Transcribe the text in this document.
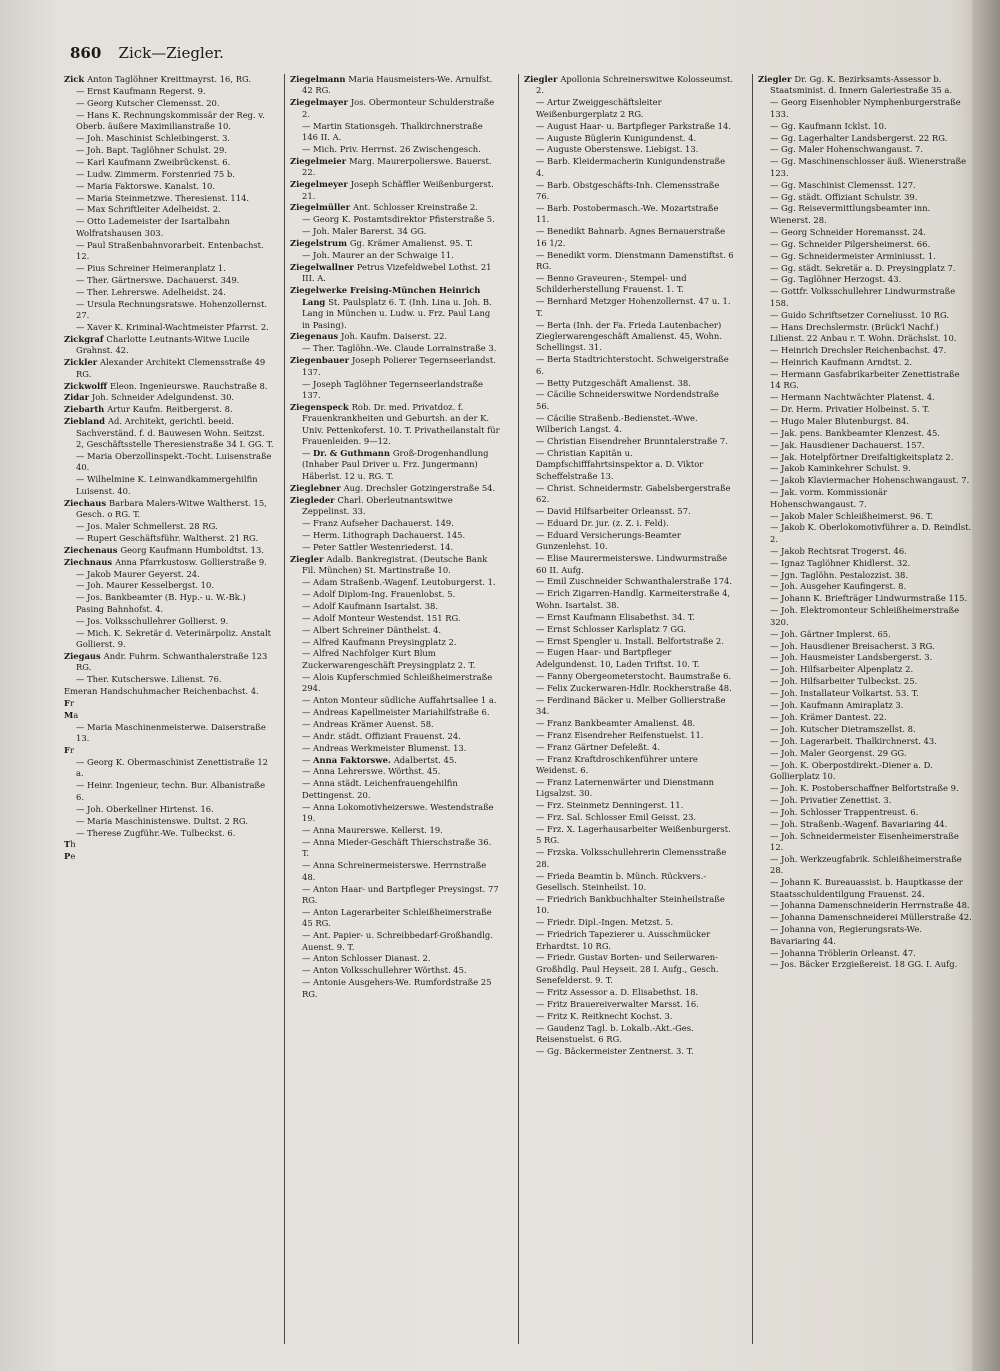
860 Zick—Ziegler.
Zick Anton Taglöhner Kreittmayrst. 16, RG.
— Ernst Kaufmann Regerst. 9.
— Georg Kutscher Clemensst. 20.
— Hans K. Rechnungskommissär der Reg. v. Oberb. äußere Maximilianstraße 10.
— Joh. Maschinist Schleibingerst. 3.
— Joh. Bapt. Taglöhner Schulst. 29.
— Karl Kaufmann Zweibrückenst. 6.
— Ludw. Zimmerm. Forstenried 75 b.
— Maria Faktorswe. Kanalst. 10.
— Maria Steinmetzwe. Theresienst. 114.
— Max Schriftleiter Adelheidst. 2.
— Otto Lademeister der Isartalbahn Wolfratshausen 303.
— Paul Straßenbahnvorarbeit. Entenbachst. 12.
— Pius Schreiner Heimeranplatz 1.
— Ther. Gärtnerswe. Dachauerst. 349.
— Ther. Lehrerswe. Adelheidst. 24.
— Ursula Rechnungsratswe. Hohenzollernst. 27.
— Xaver K. Kriminal-Wachtmeister Pfarrst. 2.
Zickgraf Charlotte Leutnants-Witwe Lucile Grahnst. 42.
Zickler Alexander Architekt Clemensstraße 49 RG.
Zickwolff Eleon. Ingenieurswe. Rauchstraße 8.
Zidar Joh. Schneider Adelgundenst. 30.
Ziebarth Artur Kaufm. Reitbergerst. 8.
Ziebland Ad. Architekt, gerichtl. beeid. Sachverständ. f. d. Bauwesen Wohn. Seitzst. 2, Geschäftsstelle Theresienstraße 34 I. GG. T.
— Maria Oberzollinspekt.-Tocht. Luisenstraße 40.
— Wilhelmine K. Leinwandkammergehilfin Luisenst. 40.
Ziechaus Barbara Malers-Witwe Waltherst. 15, Gesch. o RG. T.
— Jos. Maler Schmellerst. 28 RG.
— Rupert Geschäftsführ. Waltherst. 21 RG.
Ziechenaus Georg Kaufmann Humboldtst. 13.
Ziechnaus Anna Pfarrkustosw. Gollierstraße 9.
— Jakob Maurer Geyerst. 24.
— Joh. Maurer Kesselbergst. 10.
— Jos. Bankbeamter (B. Hyp.- u. W.-Bk.) Pasing Bahnhofst. 4.
— Jos. Volksschullehrer Gollierst. 9.
— Mich. K. Sekretär d. Veterinärpoliz. Anstalt Gollierst. 9.
Ziegaus Andr. Fuhrm. Schwanthalerstraße 123 RG.
— Ther. Kutscherswe. Lilienst. 76.
Emeran Handschuhmacher Reichenbachst. 4.
Fr
Ma
— Maria Maschinenmeisterwe. Daiserstraße 13.
Fr
— Georg K. Obermaschinist Zenettistraße 12 a.
— Heinr. Ingenieur, techn. Bur. Albanistraße 6.
— Joh. Oberkellner Hirtenst. 16.
— Maria Maschinistenswe. Dultst. 2 RG.
— Therese Zugführ.-We. Tulbeckst. 6.
Th
Pe
Ziegelmann Maria Hausmeisters-We. Arnulfst. 42 RG.
Ziegelmayer Jos. Obermonteur Schulderstraße 2.
— Martin Stationsgeh. Thalkirchnerstraße 146 II. A.
— Mich. Priv. Herrnst. 26 Zwischengesch.
Ziegelmeier Marg. Maurerpolierswe. Bauerst. 22.
Ziegelmeyer Joseph Schäffler Weißenburgerst. 21.
Ziegelmüller Ant. Schlosser Kreinstraße 2.
— Georg K. Postamtsdirektor Pfisterstraße 5.
— Joh. Maler Barerst. 34 GG.
Ziegelstrum Gg. Krämer Amalienst. 95. T.
— Joh. Maurer an der Schwaige 11.
Ziegelwallner Petrus Vizefeldwebel Lothst. 21 III. A.
Ziegelwerke Freising-München Heinrich Lang St. Paulsplatz 6. T. (Inh. Lina u. Joh. B. Lang in München u. Ludw. u. Frz. Paul Lang in Pasing).
Ziegenaus Joh. Kaufm. Daiserst. 22.
— Ther. Taglöhn.-We. Claude Lorrainstraße 3.
Ziegenbauer Joseph Polierer Tegernseerlandst. 137.
— Joseph Taglöhner Tegernseerlandstraße 137.
Ziegenspeck Rob. Dr. med. Privatdoz. f. Frauenkrankheiten und Geburtsh. an der K. Univ. Pettenkoferst. 10. T. Privatheilanstalt für Frauenleiden. 9—12.
— Dr. & Guthmann Groß-Drogenhandlung (Inhaber Paul Driver u. Frz. Jungermann) Häberlst. 12 u. RG. T.
Zieglebner Aug. Drechsler Gotzingerstraße 54.
Ziegleder Charl. Oberleutnantswitwe Zeppelinst. 33.
— Franz Aufseher Dachauerst. 149.
— Herm. Lithograph Dachauerst. 145.
— Peter Sattler Westenriederst. 14.
Ziegler Adalb. Bankregistrat. (Deutsche Bank Fil. München) St. Martinstraße 10.
— Adam Straßenb.-Wagenf. Leutoburgerst. 1.
— Adolf Diplom-Ing. Frauenlobst. 5.
— Adolf Kaufmann Isartalst. 38.
— Adolf Monteur Westendst. 151 RG.
— Albert Schreiner Dänthelst. 4.
— Alfred Kaufmann Preysingplatz 2.
— Alfred Nachfolger Kurt Blum Zuckerwarengeschäft Preysingplatz 2. T.
— Alois Kupferschmied Schleißheimerstraße 294.
— Anton Monteur südliche Auffahrtsallee 1 a.
— Andreas Kapellmeister Mariahilfstraße 6.
— Andreas Krämer Auenst. 58.
— Andr. städt. Offiziant Frauenst. 24.
— Andreas Werkmeister Blumenst. 13.
— Anna Faktorswe. Adalbertst. 45.
— Anna Lehrerswe. Wörthst. 45.
— Anna städt. Leichenfrauengehilfin Dettingenst. 20.
— Anna Lokomotivheizerswe. Westendstraße 19.
— Anna Maurerswe. Kellerst. 19.
— Anna Mieder-Geschäft Thierschstraße 36. T.
— Anna Schreinermeisterswe. Herrnstraße 48.
— Anton Haar- und Bartpfleger Preysingst. 77 RG.
— Anton Lagerarbeiter Schleißheimerstraße 45 RG.
— Ant. Papier- u. Schreibbedarf-Großhandlg. Auenst. 9. T.
— Anton Schlosser Dianast. 2.
— Anton Volksschullehrer Wörthst. 45.
— Antonie Ausgehers-We. Rumfordstraße 25 RG.
Ziegler Apollonia Schreinerswitwe Kolosseumst. 2.
— Artur Zweiggeschäftsleiter Weißenburgerplatz 2 RG.
— August Haar- u. Bartpfleger Parkstraße 14.
— Auguste Büglerin Kunigundenst. 4.
— Auguste Oberstenswe. Liebigst. 13.
— Barb. Kleidermacherin Kunigundenstraße 4.
— Barb. Obstgeschäfts-Inh. Clemensstraße 76.
— Barb. Postobermasch.-We. Mozartstraße 11.
— Benedikt Bahnarb. Agnes Bernauerstraße 16 1/2.
— Benedikt vorm. Dienstmann Damenstiftst. 6 RG.
— Benno Graveuren-, Stempel- und Schilderherstellung Frauenst. 1. T.
— Bernhard Metzger Hohenzollernst. 47 u. 1. T.
— Berta (Inh. der Fa. Frieda Lautenbacher) Zieglerwarengeschäft Amalienst. 45, Wohn. Schellingst. 31.
— Berta Stadtrichterstocht. Schweigerstraße 6.
— Betty Putzgeschäft Amalienst. 38.
— Cäcilie Schneiderswitwe Nordendstraße 56.
— Cäcilie Straßenb.-Bedienstet.-Wwe. Wilberich Langst. 4.
— Christian Eisendreher Brunntalerstraße 7.
— Christian Kapitän u. Dampfschifffahrtsinspektor a. D. Viktor Scheffelstraße 13.
— Christ. Schneidermstr. Gabelsbergerstraße 62.
— David Hilfsarbeiter Orleansst. 57.
— Eduard Dr. jur. (z. Z. i. Feld).
— Eduard Versicherungs-Beamter Gunzenlehst. 10.
— Elise Maurermeisterswe. Lindwurmstraße 60 II. Aufg.
— Emil Zuschneider Schwanthalerstraße 174.
— Erich Zigarren-Handlg. Karmeiterstraße 4, Wohn. Isartalst. 38.
— Ernst Kaufmann Elisabethst. 34. T.
— Ernst Schlosser Karlsplatz 7 GG.
— Ernst Spengler u. Install. Belfortstraße 2.
— Eugen Haar- und Bartpfleger Adelgundenst. 10, Laden Triftst. 10. T.
— Fanny Obergeometerstocht. Baumstraße 6.
— Felix Zuckerwaren-Hdlr. Rockherstraße 48.
— Ferdinand Bäcker u. Melber Gollierstraße 34.
— Franz Bankbeamter Amalienst. 48.
— Franz Eisendreher Reifenstuelst. 11.
— Franz Gärtner Defeleßt. 4.
— Franz Kraftdroschkenführer untere Weidenst. 6.
— Franz Laternenwärter und Dienstmann Ligsalzst. 30.
— Frz. Steinmetz Denningerst. 11.
— Frz. Sal. Schlosser Emil Geisst. 23.
— Frz. X. Lagerhausarbeiter Weißenburgerst. 5 RG.
— Frzska. Volksschullehrerin Clemensstraße 28.
— Frieda Beamtin b. Münch. Rückvers.-Gesellsch. Steinheilst. 10.
— Friedrich Bankbuchhalter Steinheilstraße 10.
— Friedr. Dipl.-Ingen. Metzst. 5.
— Friedrich Tapezierer u. Ausschmücker Erhardtst. 10 RG.
— Friedr. Gustav Borten- und Seilerwaren-Großhdlg. Paul Heyseit. 28 I. Aufg., Gesch. Senefelderst. 9. T.
— Fritz Assessor a. D. Elisabethst. 18.
— Fritz Brauereiverwalter Marsst. 16.
— Fritz K. Reitknecht Kochst. 3.
— Gaudenz Tagl. b. Lokalb.-Akt.-Ges. Reisenstuelst. 6 RG.
— Gg. Bäckermeister Zentnerst. 3. T.
Ziegler Dr. Gg. K. Bezirksamts-Assessor b. Staatsminist. d. Innern Galeriestraße 35 a.
— Georg Eisenhobler Nymphenburgerstraße 133.
— Gg. Kaufmann Icklst. 10.
— Gg. Lagerhalter Landsbergerst. 22 RG.
— Gg. Maler Hohenschwangaust. 7.
— Gg. Maschinenschlosser äuß. Wienerstraße 123.
— Gg. Maschinist Clemensst. 127.
— Gg. städt. Offiziant Schulstr. 39.
— Gg. Reisevermittlungsbeamter inn. Wienerst. 28.
— Georg Schneider Horemansst. 24.
— Gg. Schneider Pilgersheimerst. 66.
— Gg. Schneidermeister Arminiusst. 1.
— Gg. städt. Sekretär a. D. Preysingplatz 7.
— Gg. Taglöhner Herzogst. 43.
— Gottfr. Volksschullehrer Lindwurmstraße 158.
— Guido Schriftsetzer Corneliusst. 10 RG.
— Hans Drechslermstr. (Brück'l Nachf.) Lilienst. 22 Anbau r. T. Wohn. Drächslst. 10.
— Heinrich Drechsler Reichenbachst. 47.
— Heinrich Kaufmann Arndtst. 2.
— Hermann Gasfabrikarbeiter Zenettistraße 14 RG.
— Hermann Nachtwächter Platenst. 4.
— Dr. Herm. Privatier Holbeinst. 5. T.
— Hugo Maler Blutenburgst. 84.
— Jak. pens. Bankbeamter Klenzest. 45.
— Jak. Hausdiener Dachauerst. 157.
— Jak. Hotelpförtner Dreifaltigkeitsplatz 2.
— Jakob Kaminkehrer Schulst. 9.
— Jakob Klaviermacher Hohenschwangaust. 7.
— Jak. vorm. Kommissionär Hohenschwangaust. 7.
— Jakob Maler Schleißheimerst. 96. T.
— Jakob K. Oberlokomotivführer a. D. Reindlst. 2.
— Jakob Rechtsrat Trogerst. 46.
— Ignaz Taglöhner Khidlerst. 32.
— Jgn. Taglöhn. Pestalozzist. 38.
— Joh. Ausgeher Kaufingerst. 8.
— Johann K. Briefträger Lindwurmstraße 115.
— Joh. Elektromonteur Schleißheimerstraße 320.
— Joh. Gärtner Implerst. 65.
— Joh. Hausdiener Breisacherst. 3 RG.
— Joh. Hausmeister Landsbergerst. 3.
— Joh. Hilfsarbeiter Alpenplatz 2.
— Joh. Hilfsarbeiter Tulbeckst. 25.
— Joh. Installateur Volkartst. 53. T.
— Joh. Kaufmann Amiraplatz 3.
— Joh. Krämer Dantest. 22.
— Joh. Kutscher Dietramszellst. 8.
— Joh. Lagerarbeit. Thalkirchnerst. 43.
— Joh. Maler Georgenst. 29 GG.
— Joh. K. Oberpostdirekt.-Diener a. D. Gollierplatz 10.
— Joh. K. Postoberschaffner Belfortstraße 9.
— Joh. Privatier Zenettist. 3.
— Joh. Schlosser Trappentreust. 6.
— Joh. Straßenb.-Wagenf. Bavariaring 44.
— Joh. Schneidermeister Eisenheimerstraße 12.
— Joh. Werkzeugfabrik. Schleißheimerstraße 28.
— Johann K. Bureauassist. b. Hauptkasse der Staatsschuldentilgung Frauenst. 24.
— Johanna Damenschneiderin Herrnstraße 48.
— Johanna Damenschneiderei Müllerstraße 42.
— Johanna von, Regierungsrats-We. Bavariaring 44.
— Johanna Tröblerin Orleanst. 47.
— Jos. Bäcker Erzgießereist. 18 GG. I. Aufg.
